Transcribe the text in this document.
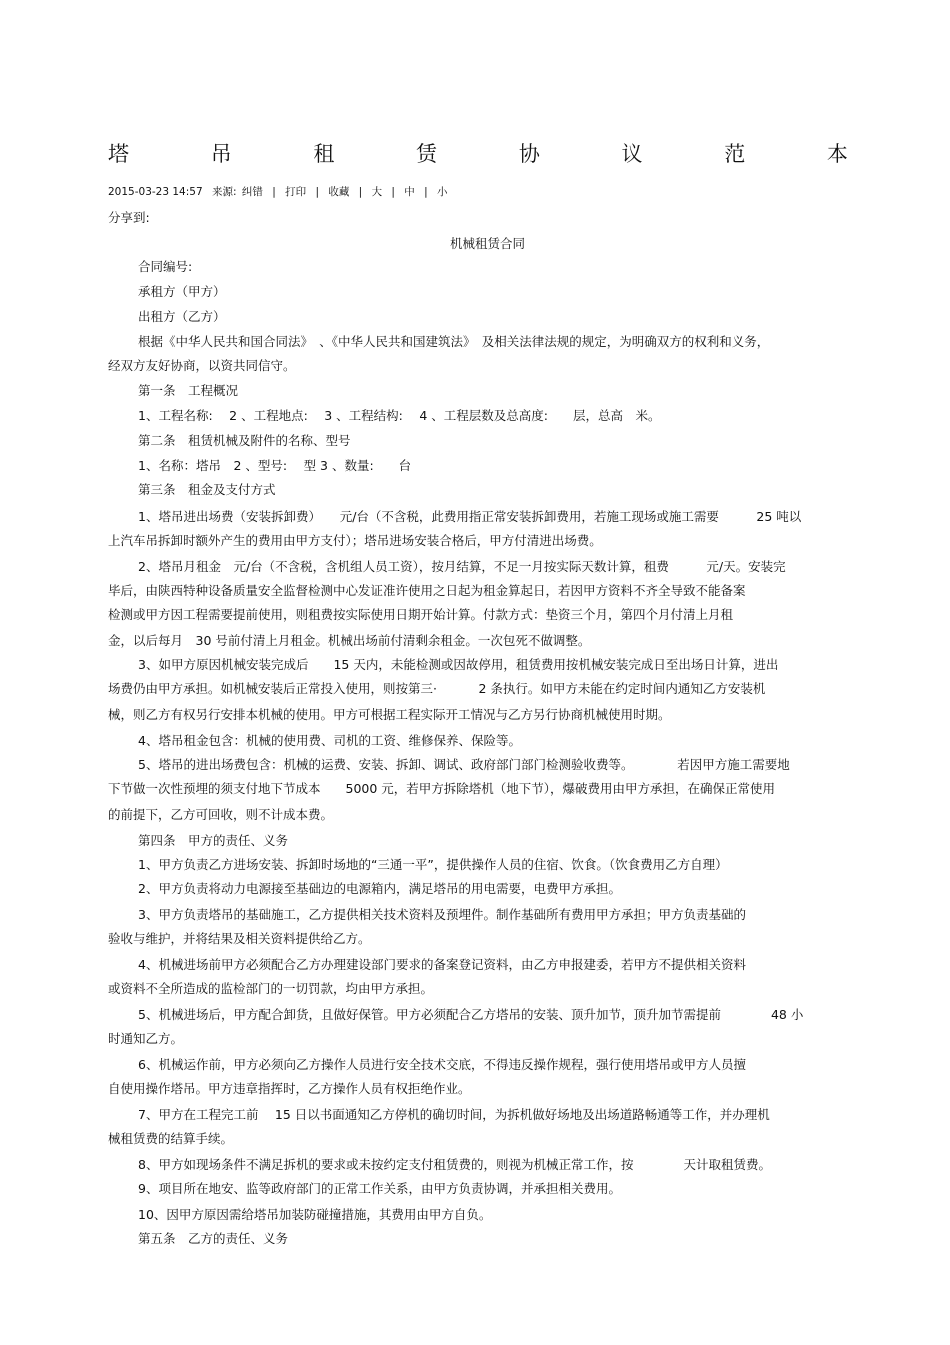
塔	吊	租	赁	协	议	范	本
2015-03-23 14:57 来源: 纠错 | 打印 | 收藏 | 大 | 中 | 小
分享到:
机械租赁合同
合同编号:
承租方（甲方）
出租方（乙方）
根据《中华人民共和国合同法》　、《中华人民共和国建筑法》　及相关法律法规的规定，为明确双方的权利和义务，
经双方友好协商，以资共同信守。
第一条　工程概况
1、工程名称:　 2 、工程地点:　 3 、工程结构:　 4 、工程层数及总高度:　　层，总高　米。
第二条　租赁机械及附件的名称、型号
1、名称：塔吊　2 、型号:　 型 3 、数量:　　台
第三条　租金及支付方式
1、塔吊进出场费（安装拆卸费）　　元/台（不含税，此费用指正常安装拆卸费用，若施工现场或施工需要　　　25 吨以
上汽车吊拆卸时额外产生的费用由甲方支付）；塔吊进场安装合格后，甲方付清进出场费。
2、塔吊月租金　元/台（不含税，含机组人员工资），按月结算，不足一月按实际天数计算，租费　　　元/天。安装完
毕后，由陕西特种设备质量安全监督检测中心发证准许使用之日起为租金算起日，若因甲方资料不齐全导致不能备案
检测或甲方因工程需要提前使用，则租费按实际使用日期开始计算。付款方式：垫资三个月，第四个月付清上月租
金，以后每月　30 号前付清上月租金。机械出场前付清剩余租金。一次包死不做调整。
3、如甲方原因机械安装完成后　　15 天内，未能检测或因故停用，租赁费用按机械安装完成日至出场日计算，进出
场费仍由甲方承担。如机械安装后正常投入使用，则按第三·　　　 2 条执行。如甲方未能在约定时间内通知乙方安装机
械，则乙方有权另行安排本机械的使用。甲方可根据工程实际开工情况与乙方另行协商机械使用时期。
4、塔吊租金包含：机械的使用费、司机的工资、维修保养、保险等。
5、塔吊的进出场费包含：机械的运费、安装、拆卸、调试、政府部门部门检测验收费等。　　　　若因甲方施工需要地
下节做一次性预埋的须支付地下节成本　　5000 元，若甲方拆除塔机（地下节），爆破费用由甲方承担，在确保正常使用
的前提下，乙方可回收，则不计成本费。
第四条　甲方的责任、义务
1、甲方负责乙方进场安装、拆卸时场地的“三通一平”，提供操作人员的住宿、饮食。（饮食费用乙方自理）
2、甲方负责将动力电源接至基础边的电源箱内，满足塔吊的用电需要，电费甲方承担。
3、甲方负责塔吊的基础施工，乙方提供相关技术资料及预埋件。制作基础所有费用甲方承担；甲方负责基础的
验收与维护，并将结果及相关资料提供给乙方。
4、机械进场前甲方必须配合乙方办理建设部门要求的备案登记资料，由乙方申报建委，若甲方不提供相关资料
或资料不全所造成的监检部门的一切罚款，均由甲方承担。
5、机械进场后，甲方配合卸货，且做好保管。甲方必须配合乙方塔吊的安装、顶升加节，顶升加节需提前　　　　48 小
时通知乙方。
6、机械运作前，甲方必须向乙方操作人员进行安全技术交底，不得违反操作规程，强行使用塔吊或甲方人员擅
自使用操作塔吊。甲方违章指挥时，乙方操作人员有权拒绝作业。
7、甲方在工程完工前　 15 日以书面通知乙方停机的确切时间，为拆机做好场地及出场道路畅通等工作，并办理机
械租赁费的结算手续。
8、甲方如现场条件不满足拆机的要求或未按约定支付租赁费的，则视为机械正常工作，按　　　　天计取租赁费。
9、项目所在地安、监等政府部门的正常工作关系，由甲方负责协调，并承担相关费用。
10、因甲方原因需给塔吊加装防碰撞措施，其费用由甲方自负。
第五条　乙方的责任、义务
